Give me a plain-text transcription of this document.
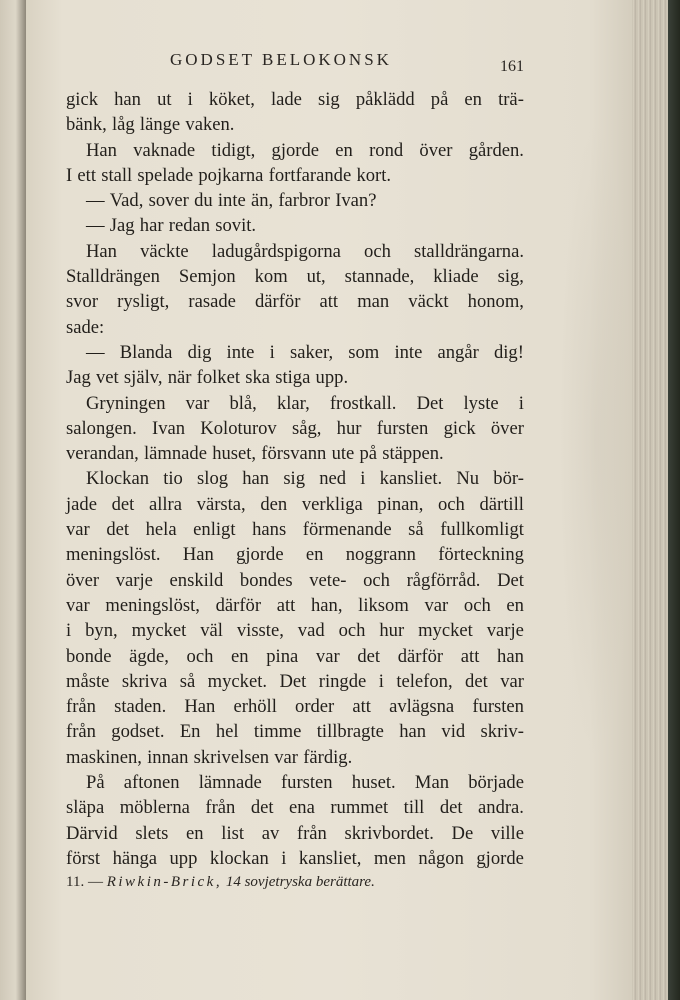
GODSET BELOKONSK	161
gick han ut i köket, lade sig påklädd på en trä-
bänk, låg länge vaken.
Han vaknade tidigt, gjorde en rond över gården.
I ett stall spelade pojkarna fortfarande kort.
— Vad, sover du inte än, farbror Ivan?
— Jag har redan sovit.
Han väckte ladugårdspigorna och stalldrängarna.
Stalldrängen Semjon kom ut, stannade, kliade sig,
svor rysligt, rasade därför att man väckt honom,
sade:
— Blanda dig inte i saker, som inte angår dig!
Jag vet själv, när folket ska stiga upp.
Gryningen var blå, klar, frostkall. Det lyste i
salongen. Ivan Koloturov såg, hur fursten gick över
verandan, lämnade huset, försvann ute på stäppen.
Klockan tio slog han sig ned i kansliet. Nu bör-
jade det allra värsta, den verkliga pinan, och därtill
var det hela enligt hans förmenande så fullkomligt
meningslöst. Han gjorde en noggrann förteckning
över varje enskild bondes vete- och rågförråd. Det
var meningslöst, därför att han, liksom var och en
i byn, mycket väl visste, vad och hur mycket varje
bonde ägde, och en pina var det därför att han
måste skriva så mycket. Det ringde i telefon, det var
från staden. Han erhöll order att avlägsna fursten
från godset. En hel timme tillbragte han vid skriv-
maskinen, innan skrivelsen var färdig.
På aftonen lämnade fursten huset. Man började
släpa möblerna från det ena rummet till det andra.
Därvid slets en list av från skrivbordet. De ville
först hänga upp klockan i kansliet, men någon gjorde
11. — Riwkin-Brick, 14 sovjetryska berättare.
